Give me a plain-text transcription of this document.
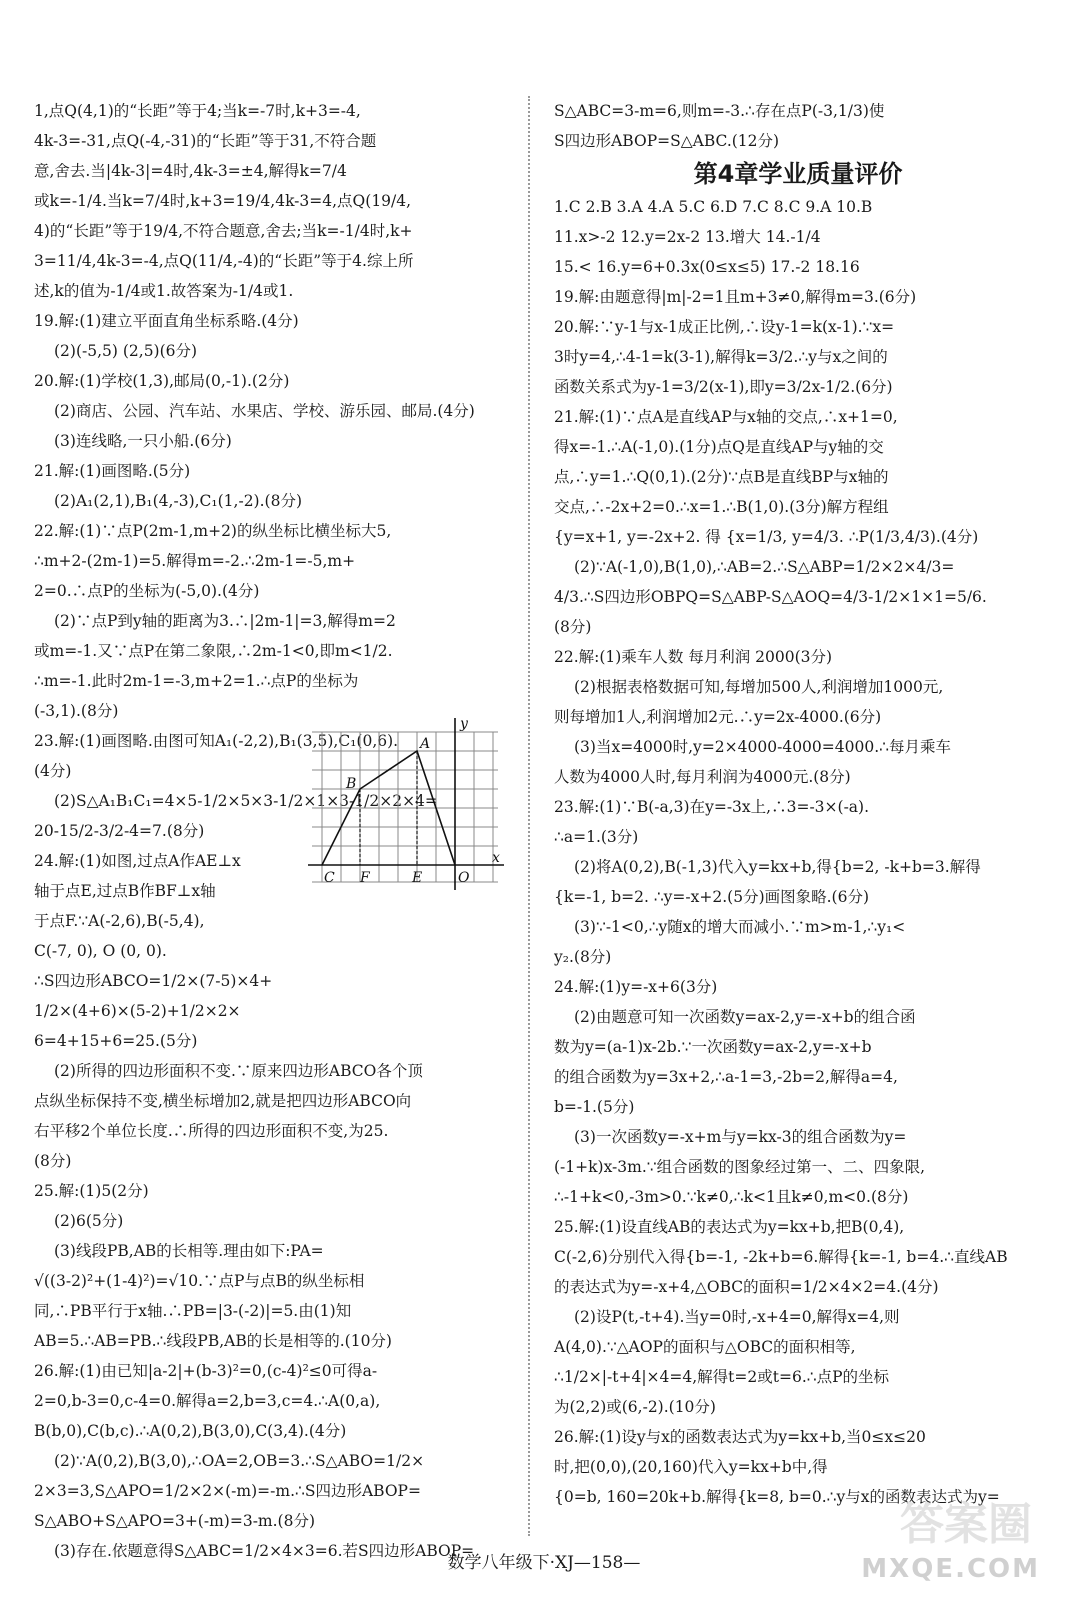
1,点Q(4,1)的“长距”等于4;当k=-7时,k+3=-4,

4k-3=-31,点Q(-4,-31)的“长距”等于31,不符合题

意,舍去.当|4k-3|=4时,4k-3=±4,解得k=7/4

或k=-1/4.当k=7/4时,k+3=19/4,4k-3=4,点Q(19/4,

4)的“长距”等于19/4,不符合题意,舍去;当k=-1/4时,k+

3=11/4,4k-3=-4,点Q(11/4,-4)的“长距”等于4.综上所

述,k的值为-1/4或1.故答案为-1/4或1.

19.解:(1)建立平面直角坐标系略.(4分)

(2)(-5,5) (2,5)(6分)

20.解:(1)学校(1,3),邮局(0,-1).(2分)

(2)商店、公园、汽车站、水果店、学校、游乐园、邮局.(4分)

(3)连线略,一只小船.(6分)

21.解:(1)画图略.(5分)

(2)A₁(2,1),B₁(4,-3),C₁(1,-2).(8分)

22.解:(1)∵点P(2m-1,m+2)的纵坐标比横坐标大5,

∴m+2-(2m-1)=5.解得m=-2.∴2m-1=-5,m+

2=0.∴点P的坐标为(-5,0).(4分)

(2)∵点P到y轴的距离为3.∴|2m-1|=3,解得m=2

或m=-1.又∵点P在第二象限,∴2m-1<0,即m<1/2.

∴m=-1.此时2m-1=-3,m+2=1.∴点P的坐标为

(-3,1).(8分)

23.解:(1)画图略.由图可知A₁(-2,2),B₁(3,5),C₁(0,6).

(4分)

(2)S△A₁B₁C₁=4×5-1/2×5×3-1/2×1×3-1/2×2×4=

20-15/2-3/2-4=7.(8分)

24.解:(1)如图,过点A作AE⊥x

轴于点E,过点B作BF⊥x轴

于点F.∵A(-2,6),B(-5,4),

C(-7, 0), O (0, 0).

∴S四边形ABCO=1/2×(7-5)×4+

1/2×(4+6)×(5-2)+1/2×2×

6=4+15+6=25.(5分)

(2)所得的四边形面积不变.∵原来四边形ABCO各个顶

点纵坐标保持不变,横坐标增加2,就是把四边形ABCO向

右平移2个单位长度.∴所得的四边形面积不变,为25.

(8分)

25.解:(1)5(2分)

(2)6(5分)

(3)线段PB,AB的长相等.理由如下:PA=

√((3-2)²+(1-4)²)=√10.∵点P与点B的纵坐标相

同,∴PB平行于x轴.∴PB=|3-(-2)|=5.由(1)知

AB=5.∴AB=PB.∴线段PB,AB的长是相等的.(10分)

26.解:(1)由已知|a-2|+(b-3)²=0,(c-4)²≤0可得a-

2=0,b-3=0,c-4=0.解得a=2,b=3,c=4.∴A(0,a),

B(b,0),C(b,c).∴A(0,2),B(3,0),C(3,4).(4分)

(2)∵A(0,2),B(3,0),∴OA=2,OB=3.∴S△ABO=1/2×

2×3=3,S△APO=1/2×2×(-m)=-m.∴S四边形ABOP=

S△ABO+S△APO=3+(-m)=3-m.(8分)

(3)存在.依题意得S△ABC=1/2×4×3=6.若S四边形ABOP=

S△ABC=3-m=6,则m=-3.∴存在点P(-3,1/3)使

S四边形ABOP=S△ABC.(12分)

第4章学业质量评价

1.C 2.B 3.A 4.A 5.C 6.D 7.C 8.C 9.A 10.B

11.x>-2 12.y=2x-2 13.增大 14.-1/4

15.< 16.y=6+0.3x(0≤x≤5) 17.-2 18.16

19.解:由题意得|m|-2=1且m+3≠0,解得m=3.(6分)

20.解:∵y-1与x-1成正比例,∴设y-1=k(x-1).∵x=

3时y=4,∴4-1=k(3-1),解得k=3/2.∴y与x之间的

函数关系式为y-1=3/2(x-1),即y=3/2x-1/2.(6分)

21.解:(1)∵点A是直线AP与x轴的交点,∴x+1=0,

得x=-1.∴A(-1,0).(1分)点Q是直线AP与y轴的交

点,∴y=1.∴Q(0,1).(2分)∵点B是直线BP与x轴的

交点,∴-2x+2=0.∴x=1.∴B(1,0).(3分)解方程组

{y=x+1, y=-2x+2. 得 {x=1/3, y=4/3. ∴P(1/3,4/3).(4分)

(2)∵A(-1,0),B(1,0),∴AB=2.∴S△ABP=1/2×2×4/3=

4/3.∴S四边形OBPQ=S△ABP-S△AOQ=4/3-1/2×1×1=5/6.

(8分)

22.解:(1)乘车人数 每月利润 2000(3分)

(2)根据表格数据可知,每增加500人,利润增加1000元,

则每增加1人,利润增加2元.∴y=2x-4000.(6分)

(3)当x=4000时,y=2×4000-4000=4000.∴每月乘车

人数为4000人时,每月利润为4000元.(8分)

23.解:(1)∵B(-a,3)在y=-3x上,∴3=-3×(-a).

∴a=1.(3分)

(2)将A(0,2),B(-1,3)代入y=kx+b,得{b=2, -k+b=3.解得

{k=-1, b=2. ∴y=-x+2.(5分)画图象略.(6分)

(3)∵-1<0,∴y随x的增大而减小.∵m>m-1,∴y₁<

y₂.(8分)

24.解:(1)y=-x+6(3分)

(2)由题意可知一次函数y=ax-2,y=-x+b的组合函

数为y=(a-1)x-2b.∵一次函数y=ax-2,y=-x+b

的组合函数为y=3x+2,∴a-1=3,-2b=2,解得a=4,

b=-1.(5分)

(3)一次函数y=-x+m与y=kx-3的组合函数为y=

(-1+k)x-3m.∵组合函数的图象经过第一、二、四象限,

∴-1+k<0,-3m>0.∵k≠0,∴k<1且k≠0,m<0.(8分)

25.解:(1)设直线AB的表达式为y=kx+b,把B(0,4),

C(-2,6)分别代入得{b=-1, -2k+b=6.解得{k=-1, b=4.∴直线AB

的表达式为y=-x+4,△OBC的面积=1/2×4×2=4.(4分)

(2)设P(t,-t+4).当y=0时,-x+4=0,解得x=4,则

A(4,0).∵△AOP的面积与△OBC的面积相等,

∴1/2×|-t+4|×4=4,解得t=2或t=6.∴点P的坐标

为(2,2)或(6,-2).(10分)

26.解:(1)设y与x的函数表达式为y=kx+b,当0≤x≤20

时,把(0,0),(20,160)代入y=kx+b中,得

{0=b, 160=20k+b.解得{k=8, b=0.∴y与x的函数表达式为y=

A
B
C F	E	O
x
y
数学八年级下·XJ—158—
答案圈
MXQE.COM
